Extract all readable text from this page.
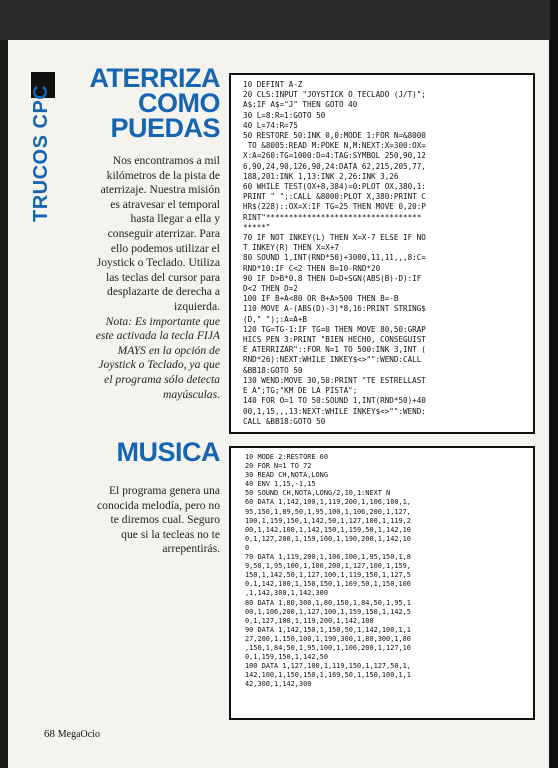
TRUCOS CPC
ATERRIZA
COMO
PUEDAS

Nos encontramos a mil

kilómetros de la pista de

aterrizaje. Nuestra misión

es atravesar el temporal

hasta llegar a ella y

conseguir aterrizar. Para

ello podemos utilizar el

Joystick o Teclado. Utiliza

las teclas del cursor para

desplazarte de derecha a

izquierda.

Nota: Es importante que

este activada la tecla FIJA

MAYS en la opción de

Joystick o Teclado, ya que

el programa sólo detecta

mayúsculas.

10 DEFINT A-Z
20 CLS:INPUT "JOYSTICK O TECLADO (J/T)";
A$:IF A$="J" THEN GOTO 40
30 L=8:R=1:GOTO 50
40 L=74:R=75
50 RESTORE 50:INK 0,0:MODE 1:FOR N=&8000
TO &8005:READ M:POKE N,M:NEXT:X=300:OX=
X:A=260:TG=1000:D=4:TAG:SYMBOL 250,90,12
6,90,24,90,126,90,24:DATA 62,215,205,77,
188,201:INK 1,13:INK 2,26:INK 3,26
60 WHILE TEST(OX+8,384)=0:PLOT OX,380,1:
PRINT " ";:CALL &8000:PLOT X,380:PRINT C
HR$(228)::OX=X:IF TG=25 THEN MOVE 0,20:P
RINT"**********************************
*****"
70 IF NOT INKEY(L) THEN X=X-7 ELSE IF NO
T INKEY(R) THEN X=X+7
80 SOUND 1,INT(RND*50)+3000,11,11,,,8:C=
RND*10:IF C<2 THEN B=10-RND*20
90 IF D>B*0.8 THEN D=D+SGN(ABS(B)-D):IF
D<2 THEN D=2
100 IF B+A<80 OR B+A>500 THEN B=-B
110 MOVE A-(ABS(D)-3)*8,16:PRINT STRING$
(D," ");:A=A+B
120 TG=TG-1:IF TG=0 THEN MOVE 80,50:GRAP
HICS PEN 3:PRINT "BIEN HECHO, CONSEGUIST
E ATERRIZAR"::FOR N=1 TO 500:INK 3,INT (
RND*26):NEXT:WHILE INKEY$<>"":WEND:CALL
&BB18:GOTO 50
130 WEND:MOVE 30,50:PRINT "TE ESTRELLAST
E A";TG;"KM DE LA PISTA";
140 FOR O=1 TO 50:SOUND 1,INT(RND*50)+40
00,1,15,,,13:NEXT:WHILE INKEY$<>"":WEND:
CALL &BB18:GOTO 50
MUSICA

El programa genera una

conocida melodía, pero no

te diremos cual. Seguro

que si la tecleas no te

arrepentirás.

10 MODE 2:RESTORE 60
20 FOR N=1 TO 72
30 READ CH,NOTA,LONG
40 ENV 1,15,-1,15
50 SOUND CH,NOTA,LONG/2,10,1:NEXT N
60 DATA 1,142,100,1,119,200,1,106,100,1,
95,150,1,89,50,1,95,100,1,106,200,1,127,
100,1,159,150,1,142,50,1,127,100,1,119,2
00,1,142,100,1,142,150,1,159,50,1,142,10
0,1,127,200,1,159,100,1,190,200,1,142,10
0
70 DATA 1,119,200,1,106,100,1,95,150,1,8
9,50,1,95,100,1,106,200,1,127,100,1,159,
150,1,142,50,1,127,100,1,119,150,1,127,5
0,1,142,100,1,150,150,1,169,50,1,150,100
,1,142,300,1,142,300
80 DATA 1,80,300,1,80,150,1,84,50,1,95,1
00,1,106,200,1,127,100,1,159,150,1,142,5
0,1,127,100,1,119,200,1,142,100
90 DATA 1,142,150,1,150,50,1,142,100,1,1
27,200,1,150,100,1,190,300,1,80,300,1,80
,150,1,84,50,1,95,100,1,106,200,1,127,10
0,1,159,150,1,142,50
100 DATA 1,127,100,1,119,150,1,127,50,1,
142,100,1,150,150,1,169,50,1,150,100,1,1
42,300,1,142,300
68 MegaOcio
